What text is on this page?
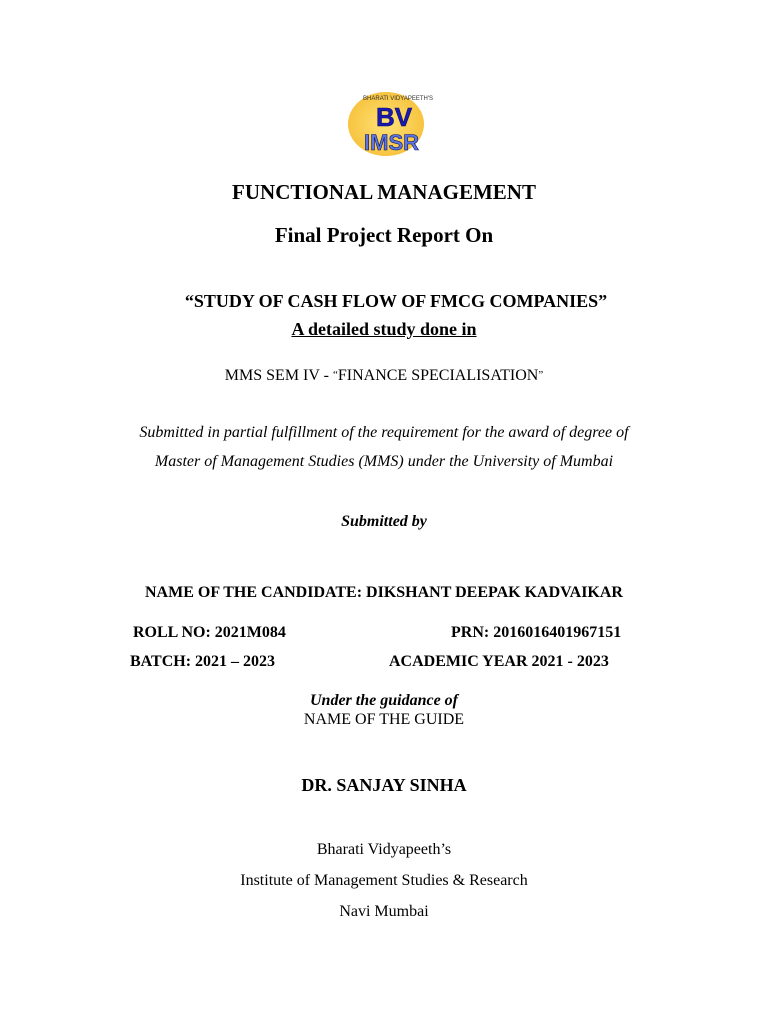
BHARATI VIDYAPEETH'S
BV
IMSR
FUNCTIONAL MANAGEMENT
Final Project Report On
“STUDY OF CASH FLOW OF FMCG COMPANIES”
A detailed study done in
MMS SEM IV - “FINANCE SPECIALISATION”
Submitted in partial fulfillment of the requirement for the award of degree of
Master of Management Studies (MMS) under the University of Mumbai
Submitted by
NAME OF THE CANDIDATE: DIKSHANT DEEPAK KADVAIKAR
ROLL NO: 2021M084	PRN: 2016016401967151
BATCH: 2021 – 2023	ACADEMIC YEAR 2021 - 2023
Under the guidance of
NAME OF THE GUIDE
DR. SANJAY SINHA
Bharati Vidyapeeth’s
Institute of Management Studies & Research
Navi Mumbai
